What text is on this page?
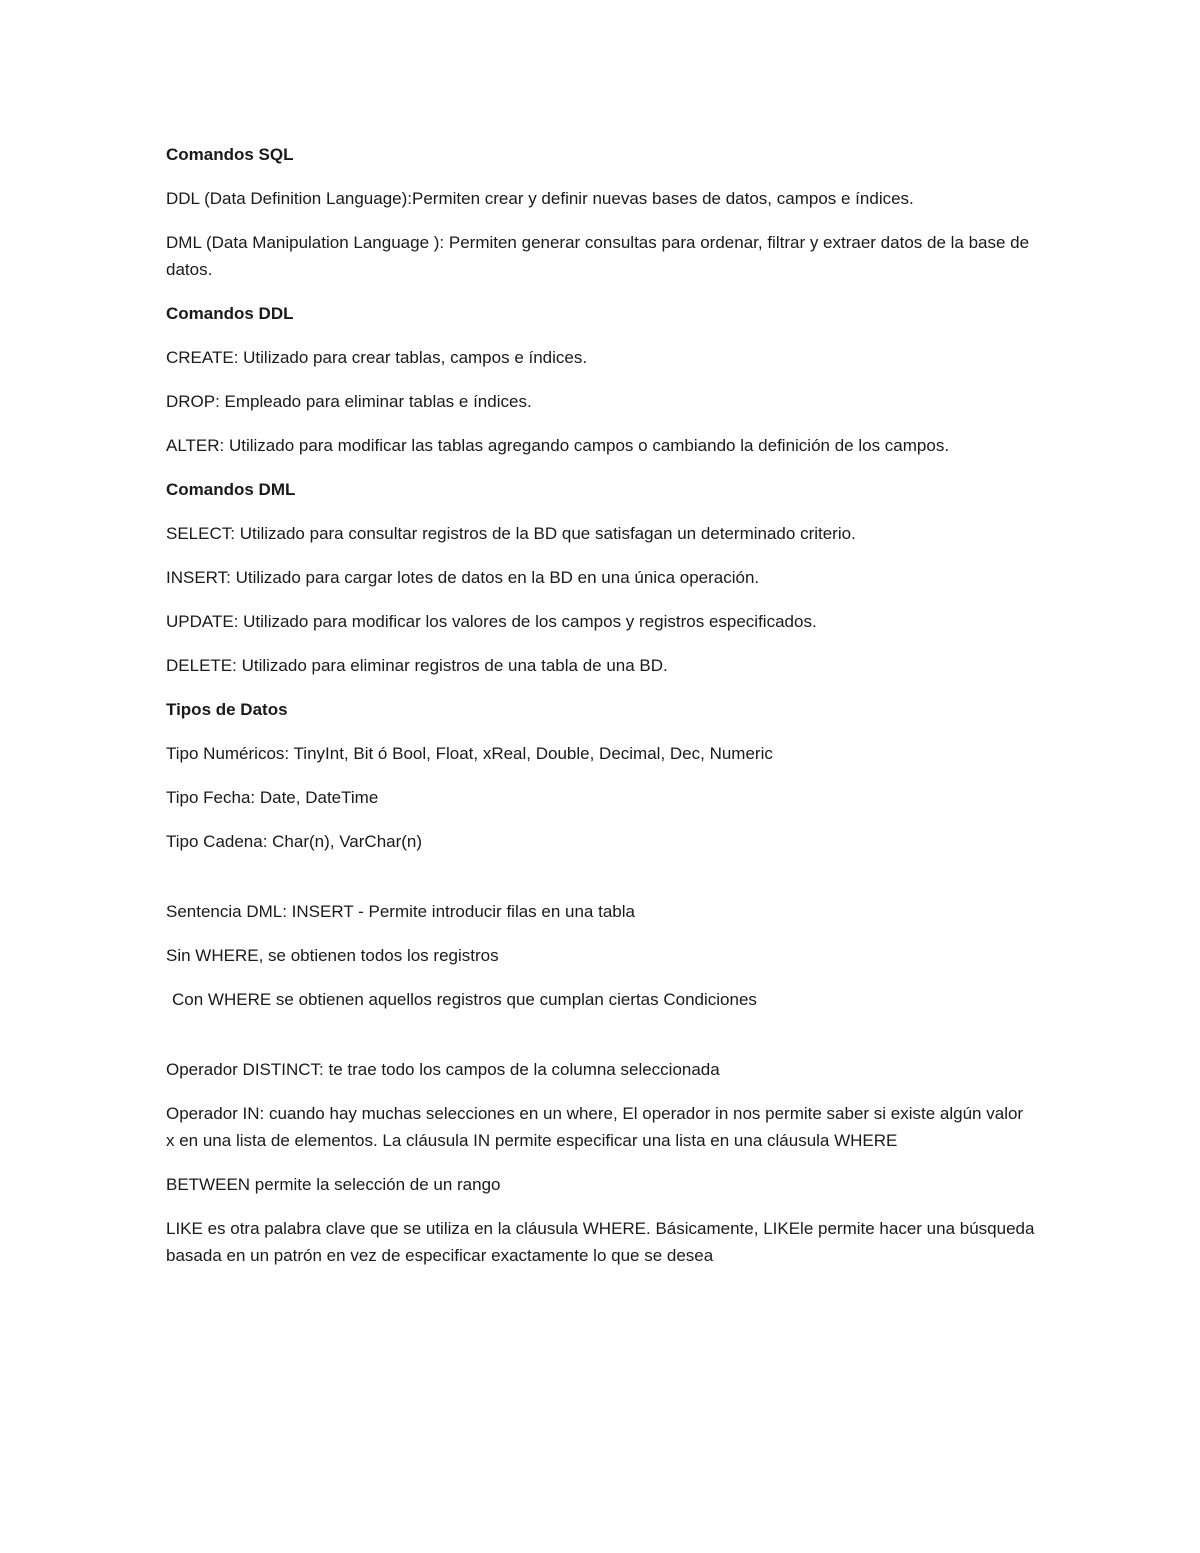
Comandos SQL

DDL (Data Definition Language):Permiten crear y definir nuevas bases de datos, campos e índices.

DML (Data Manipulation Language ): Permiten generar consultas para ordenar, filtrar y extraer datos de la base de datos.

Comandos DDL

CREATE: Utilizado para crear tablas, campos e índices.

DROP: Empleado para eliminar tablas e índices.

ALTER: Utilizado para modificar las tablas agregando campos o cambiando la definición de los campos.

Comandos DML

SELECT: Utilizado para consultar registros de la BD que satisfagan un determinado criterio.

INSERT: Utilizado para cargar lotes de datos en la BD en una única operación.

UPDATE: Utilizado para modificar los valores de los campos y registros especificados.

DELETE: Utilizado para eliminar registros de una tabla de una BD.

Tipos de Datos

Tipo Numéricos: TinyInt, Bit ó Bool, Float, xReal, Double, Decimal, Dec, Numeric

Tipo Fecha: Date, DateTime

Tipo Cadena: Char(n), VarChar(n)

Sentencia DML: INSERT - Permite introducir filas en una tabla

Sin WHERE, se obtienen todos los registros

Con WHERE se obtienen aquellos registros que cumplan ciertas Condiciones

Operador DISTINCT: te trae todo los campos de la columna seleccionada

Operador IN: cuando hay muchas selecciones en un where, El operador in nos permite saber si existe algún valor x en una lista de elementos. La cláusula IN permite especificar una lista en una cláusula WHERE

BETWEEN permite la selección de un rango

LIKE es otra palabra clave que se utiliza en la cláusula WHERE. Básicamente, LIKEle permite hacer una búsqueda basada en un patrón en vez de especificar exactamente lo que se desea
